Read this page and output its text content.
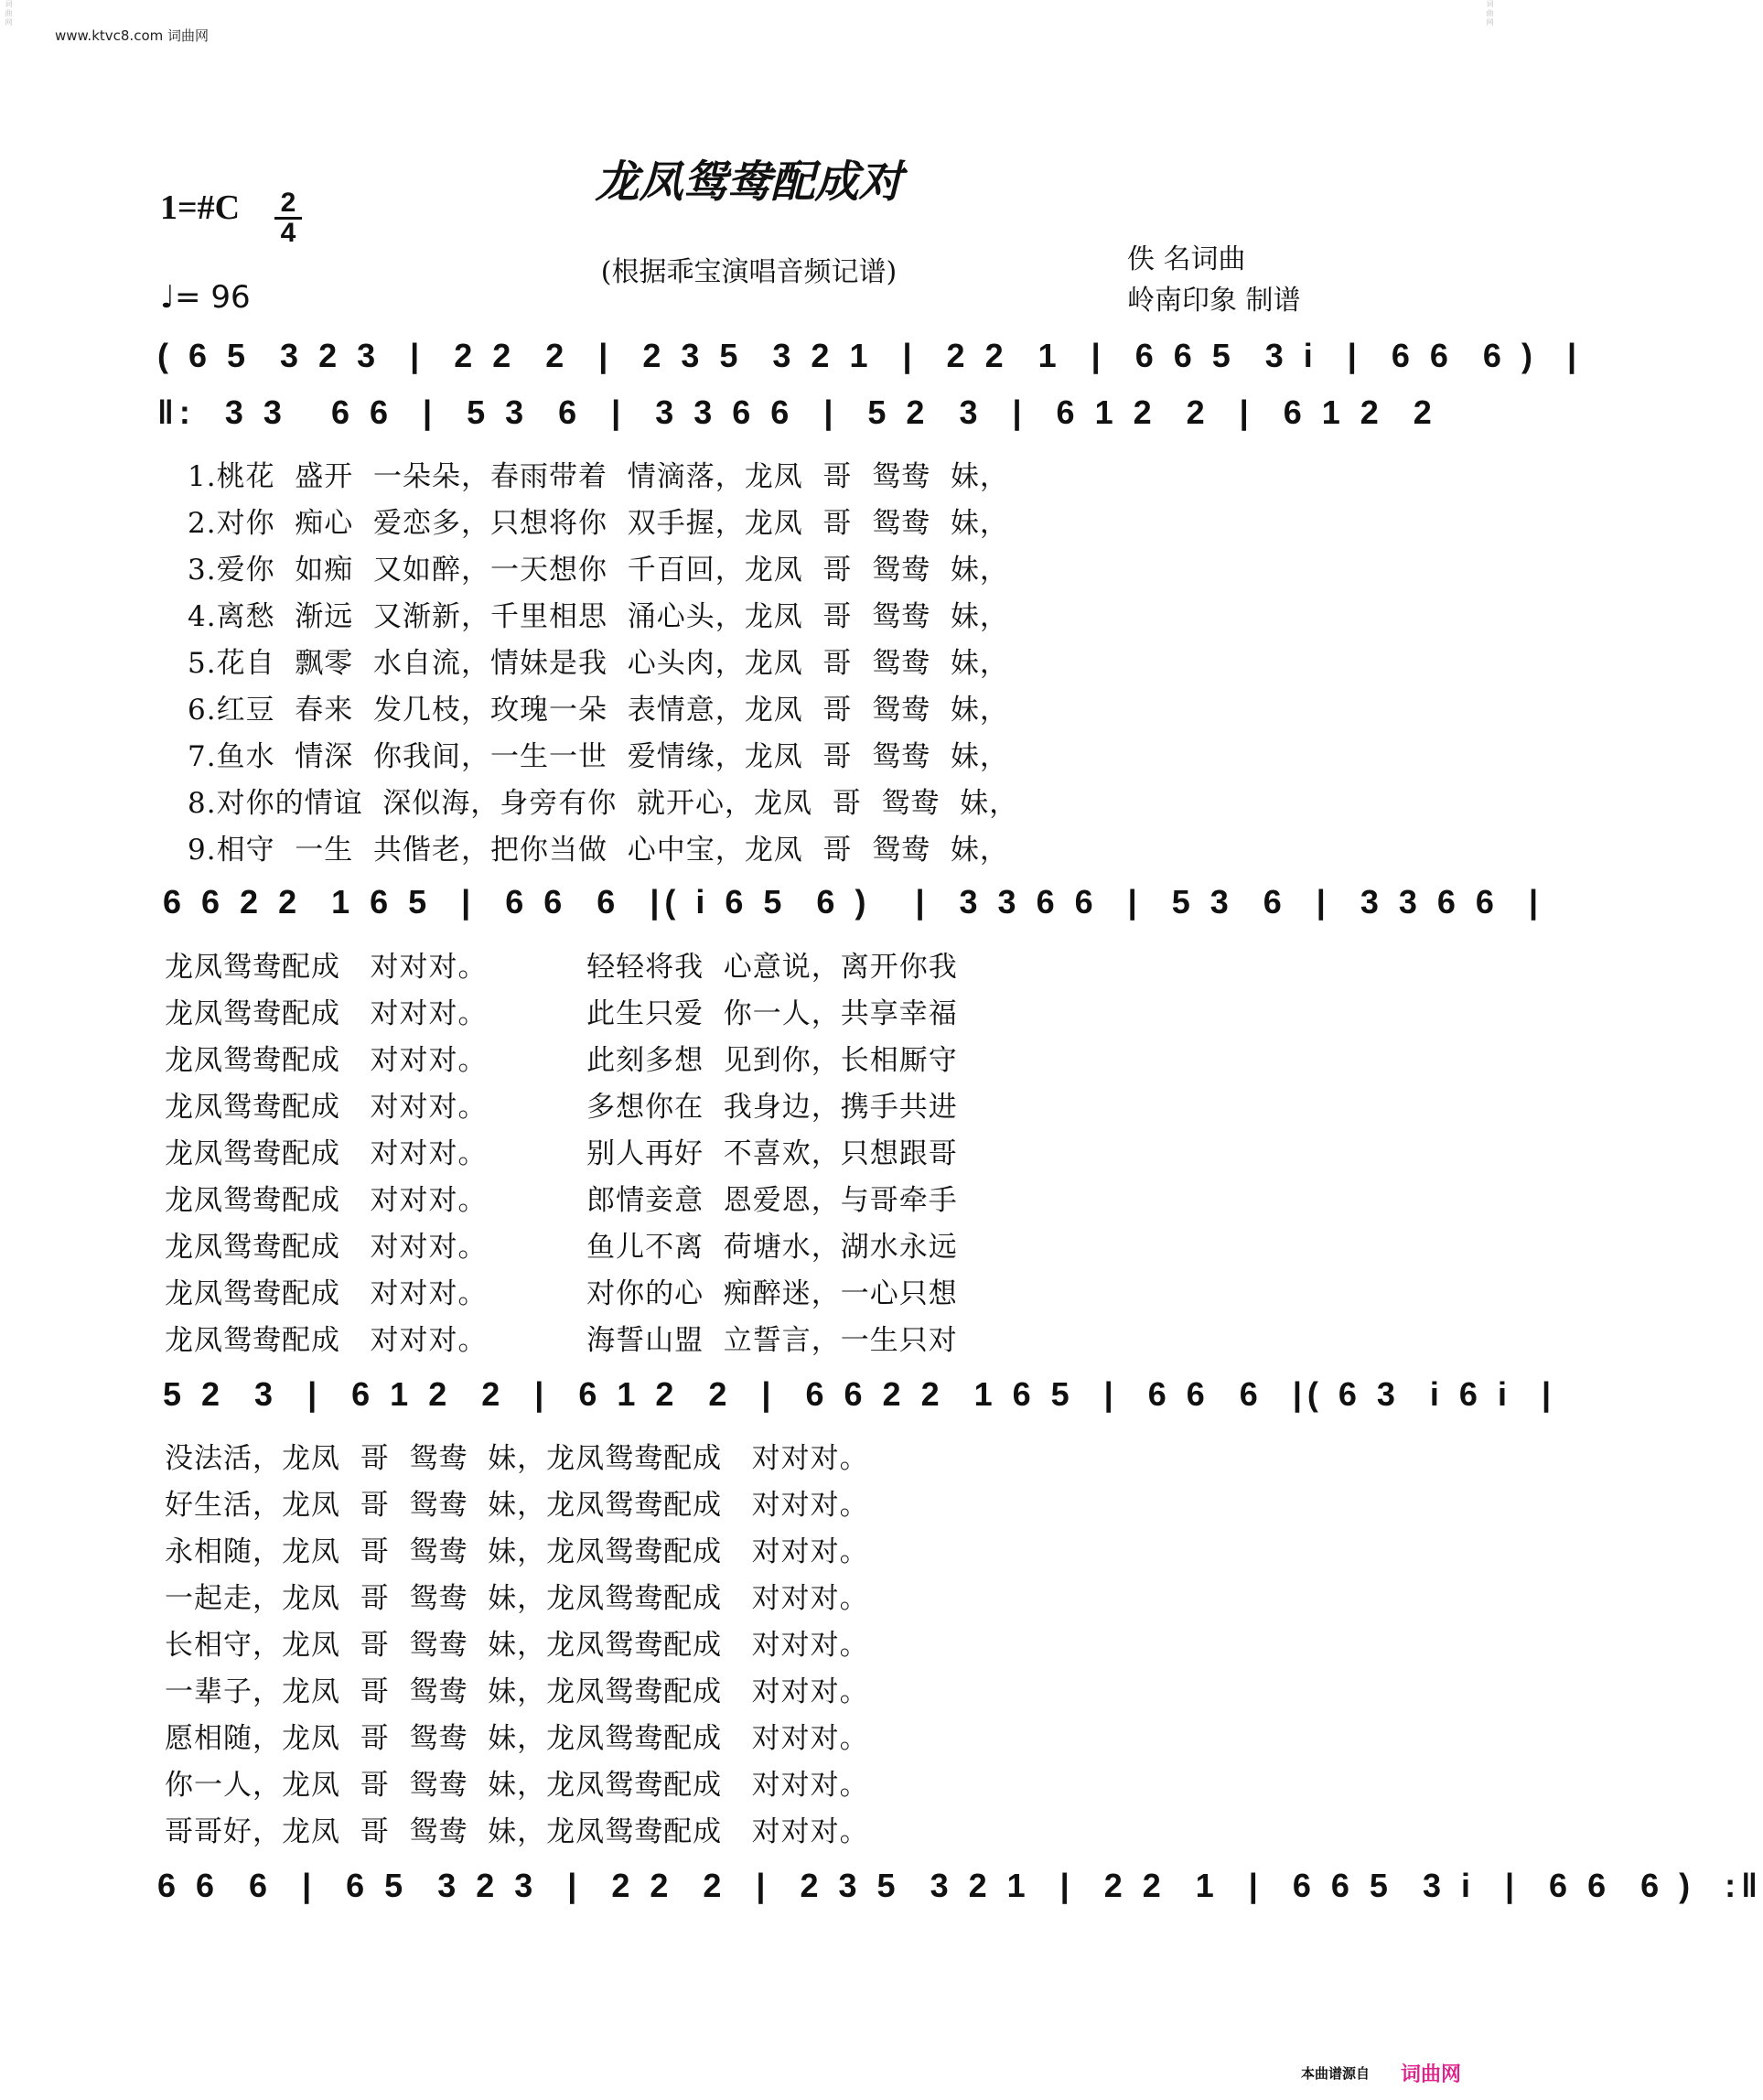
词曲网	词曲网
www.ktvc8.com 词曲网
龙凤鸳鸯配成对
1=#C 2
4
(根据乖宝演唱音频记谱)	佚 名词曲
岭南印象 制谱
♩= 96
( 6 5  3 2 3  |  2 2  2  |  2 3 5  3 2 1  |  2 2  1  |  6 6 5  3 i  |  6 6  6 )  |
‖:  3 3   6 6  |  5 3  6  |  3 3 6 6  |  5 2  3  |  6 1 2  2  |  6 1 2  2
1.桃花  盛开  一朵朵，春雨带着  情滴落，龙凤  哥  鸳鸯  妹，
2.对你  痴心  爱恋多，只想将你  双手握，龙凤  哥  鸳鸯  妹，
3.爱你  如痴  又如醉，一天想你  千百回，龙凤  哥  鸳鸯  妹，
4.离愁  渐远  又渐新，千里相思  涌心头，龙凤  哥  鸳鸯  妹，
5.花自  飘零  水自流，情妹是我  心头肉，龙凤  哥  鸳鸯  妹，
6.红豆  春来  发几枝，玫瑰一朵  表情意，龙凤  哥  鸳鸯  妹，
7.鱼水  情深  你我间，一生一世  爱情缘，龙凤  哥  鸳鸯  妹，
8.对你的情谊  深似海，身旁有你  就开心，龙凤  哥  鸳鸯  妹，
9.相守  一生  共偕老，把你当做  心中宝，龙凤  哥  鸳鸯  妹，
6 6 2 2  1 6 5  |  6 6  6  |( i 6 5  6 )   |  3 3 6 6  |  5 3  6  |  3 3 6 6  |
龙凤鸳鸯配成   对对对。          轻轻将我  心意说，离开你我
龙凤鸳鸯配成   对对对。          此生只爱  你一人，共享幸福
龙凤鸳鸯配成   对对对。          此刻多想  见到你，长相厮守
龙凤鸳鸯配成   对对对。          多想你在  我身边，携手共进
龙凤鸳鸯配成   对对对。          别人再好  不喜欢，只想跟哥
龙凤鸳鸯配成   对对对。          郎情妾意  恩爱恩，与哥牵手
龙凤鸳鸯配成   对对对。          鱼儿不离  荷塘水，湖水永远
龙凤鸳鸯配成   对对对。          对你的心  痴醉迷，一心只想
龙凤鸳鸯配成   对对对。          海誓山盟  立誓言，一生只对
5 2  3  |  6 1 2  2  |  6 1 2  2  |  6 6 2 2  1 6 5  |  6 6  6  |( 6 3  i 6 i  |
没法活，龙凤  哥  鸳鸯  妹，龙凤鸳鸯配成   对对对。
好生活，龙凤  哥  鸳鸯  妹，龙凤鸳鸯配成   对对对。
永相随，龙凤  哥  鸳鸯  妹，龙凤鸳鸯配成   对对对。
一起走，龙凤  哥  鸳鸯  妹，龙凤鸳鸯配成   对对对。
长相守，龙凤  哥  鸳鸯  妹，龙凤鸳鸯配成   对对对。
一辈子，龙凤  哥  鸳鸯  妹，龙凤鸳鸯配成   对对对。
愿相随，龙凤  哥  鸳鸯  妹，龙凤鸳鸯配成   对对对。
你一人，龙凤  哥  鸳鸯  妹，龙凤鸳鸯配成   对对对。
哥哥好，龙凤  哥  鸳鸯  妹，龙凤鸳鸯配成   对对对。
6 6  6  |  6 5  3 2 3  |  2 2  2  |  2 3 5  3 2 1  |  2 2  1  |  6 6 5  3 i  |  6 6  6 )  :‖
本曲谱源自 词曲网
